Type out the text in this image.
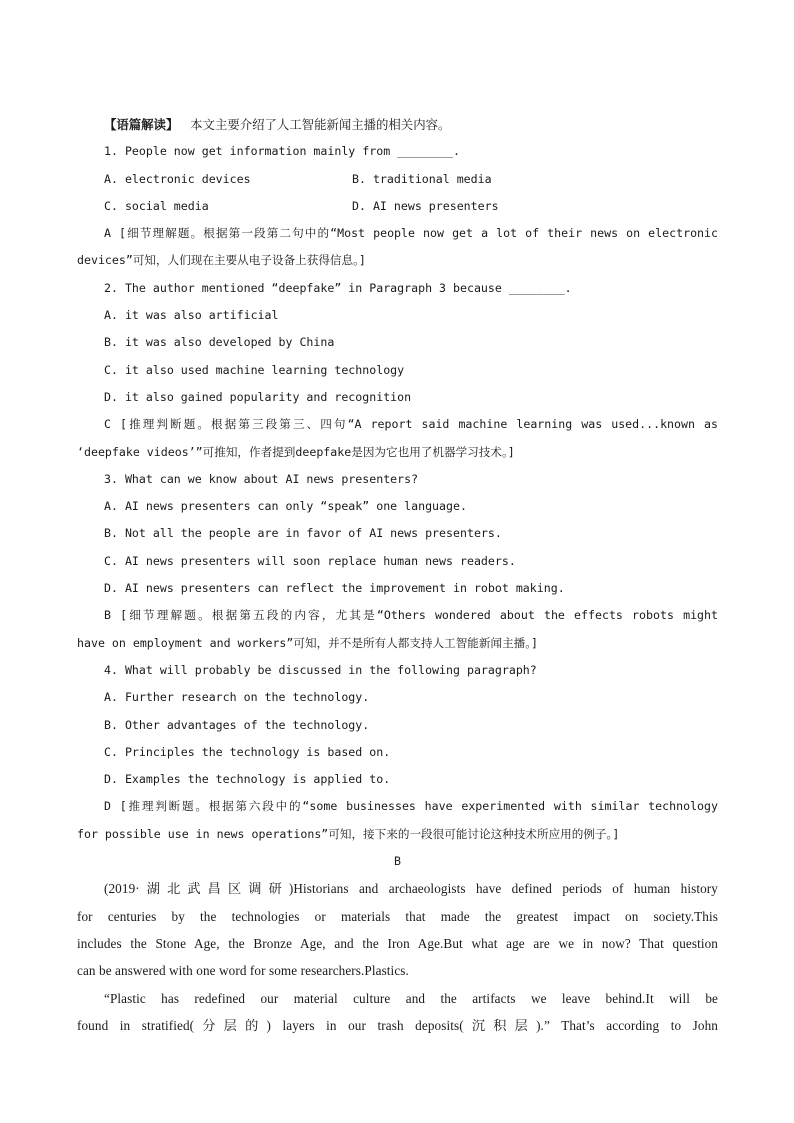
【语篇解读】 本文主要介绍了人工智能新闻主播的相关内容。
1. People now get information mainly from ________.
A. electronic devices	B. traditional media
C. social media	D. AI news presenters
A [细节理解题。根据第一段第二句中的“Most people now get a lot of their news on electronic
devices”可知，人们现在主要从电子设备上获得信息。]
2. The author mentioned “deepfake” in Paragraph 3 because ________.
A. it was also artificial
B. it was also developed by China
C. it also used machine learning technology
D. it also gained popularity and recognition
C [推理判断题。根据第三段第三、四句“A report said machine learning was used...known as
‘deepfake videos’”可推知，作者提到deepfake是因为它也用了机器学习技术。]
3. What can we know about AI news presenters?
A. AI news presenters can only “speak” one language.
B. Not all the people are in favor of AI news presenters.
C. AI news presenters will soon replace human news readers.
D. AI news presenters can reflect the improvement in robot making.
B [细节理解题。根据第五段的内容，尤其是“Others wondered about the effects robots might
have on employment and workers”可知，并不是所有人都支持人工智能新闻主播。]
4. What will probably be discussed in the following paragraph?
A. Further research on the technology.
B. Other advantages of the technology.
C. Principles the technology is based on.
D. Examples the technology is applied to.
D [推理判断题。根据第六段中的“some businesses have experimented with similar technology
for possible use in news operations”可知，接下来的一段很可能讨论这种技术所应用的例子。]
B
(2019·湖北武昌区调研)Historians and archaeologists have defined periods of human history
for centuries by the technologies or materials that made the greatest impact on society.This
includes the Stone Age, the Bronze Age, and the Iron Age.But what age are we in now? That question
can be answered with one word for some researchers.Plastics.
“Plastic has redefined our material culture and the artifacts we leave behind.It will be
found in stratified(分层的) layers in our trash deposits(沉积层).” That’s according to John
